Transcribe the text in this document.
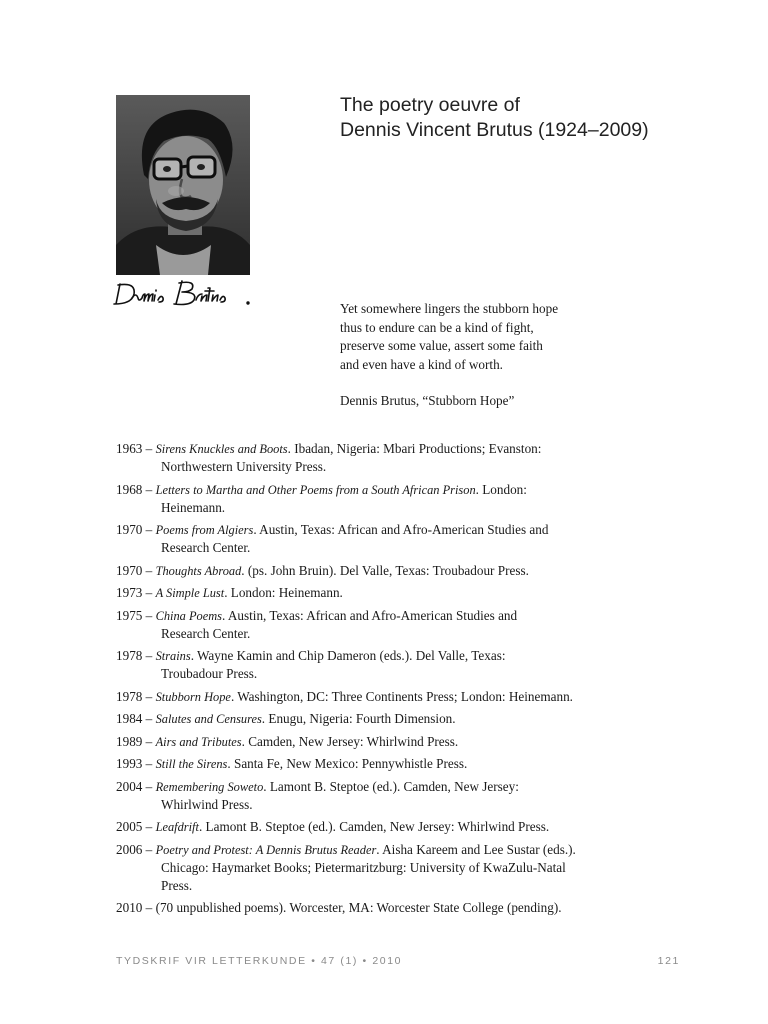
The poetry oeuvre of
Dennis Vincent Brutus (1924–2009)
Yet somewhere lingers the stubborn hope
thus to endure can be a kind of fight,
preserve some value, assert some faith
and even have a kind of worth.
Dennis Brutus, “Stubborn Hope”
1963 – Sirens Knuckles and Boots. Ibadan, Nigeria: Mbari Productions; Evanston:
Northwestern University Press.
1968 – Letters to Martha and Other Poems from a South African Prison. London:
Heinemann.
1970 – Poems from Algiers. Austin, Texas: African and Afro-American Studies and
Research Center.
1970 – Thoughts Abroad. (ps. John Bruin). Del Valle, Texas: Troubadour Press.
1973 – A Simple Lust. London: Heinemann.
1975 – China Poems. Austin, Texas: African and Afro-American Studies and
Research Center.
1978 – Strains. Wayne Kamin and Chip Dameron (eds.). Del Valle, Texas:
Troubadour Press.
1978 – Stubborn Hope. Washington, DC: Three Continents Press; London: Heinemann.
1984 – Salutes and Censures. Enugu, Nigeria: Fourth Dimension.
1989 – Airs and Tributes. Camden, New Jersey: Whirlwind Press.
1993 – Still the Sirens. Santa Fe, New Mexico: Pennywhistle Press.
2004 – Remembering Soweto. Lamont B. Steptoe (ed.). Camden, New Jersey:
Whirlwind Press.
2005 – Leafdrift. Lamont B. Steptoe (ed.). Camden, New Jersey: Whirlwind Press.
2006 – Poetry and Protest: A Dennis Brutus Reader. Aisha Kareem and Lee Sustar (eds.).
Chicago: Haymarket Books; Pietermaritzburg: University of KwaZulu-Natal
Press.
2010 – (70 unpublished poems). Worcester, MA: Worcester State College (pending).
TYDSKRIF VIR LETTERKUNDE • 47 (1) • 2010	121
